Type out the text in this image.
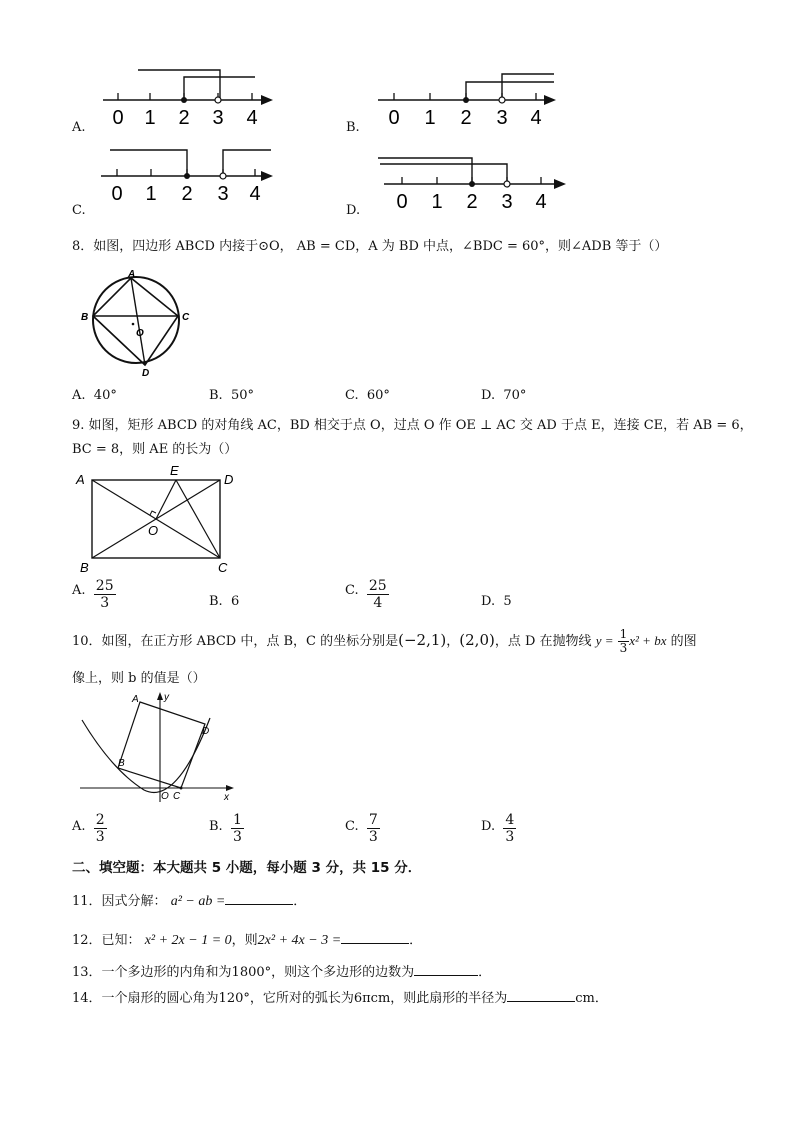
A. 0 1 2 3 4	B. 0 1 2 3 4
C.
0 1 2 3 4
D. 0 1 2 3 4
8．如图，四边形 ABCD 内接于⊙O， AB = CD，A 为 BD 中点，∠BDC = 60°，则∠ADB 等于（）
A
B	C
D
O
A. 40°	B. 50°	C. 60°	D. 70°
9. 如图，矩形 ABCD 的对角线 AC，BD 相交于点 O，过点 O 作 OE ⊥ AC 交 AD 于点 E，连接 CE，若 AB = 6，
BC = 8，则 AE 的长为（）
A
E
D
O
B	C
A. $\frac{25}{3}$	B. 6
C. $\frac{25}{4}$	D. 5
10．如图，在正方形 ABCD 中，点 B，C 的坐标分别是(−2,1)，(2,0)，点 D 在抛物线 $y = \frac{1}{3} x^2$ + bx 的图
像上，则 b 的值是（）
A	y
D
B
O C	x
A. $\frac{2}{3}$	B. $\frac{1}{3}$	C. $\frac{7}{3}$	D. $\frac{4}{3}$
二、填空题：本大题共 5 小题，每小题 3 分，共 15 分．
11．因式分解： a² − ab =	．
12．已知： x² + 2x − 1 = 0，则2x² + 4x − 3 =	．
13．一个多边形的内角和为1800°，则这个多边形的边数为	．
14．一个扇形的圆心角为120°，它所对的弧长为6πcm，则此扇形的半径为	cm．
